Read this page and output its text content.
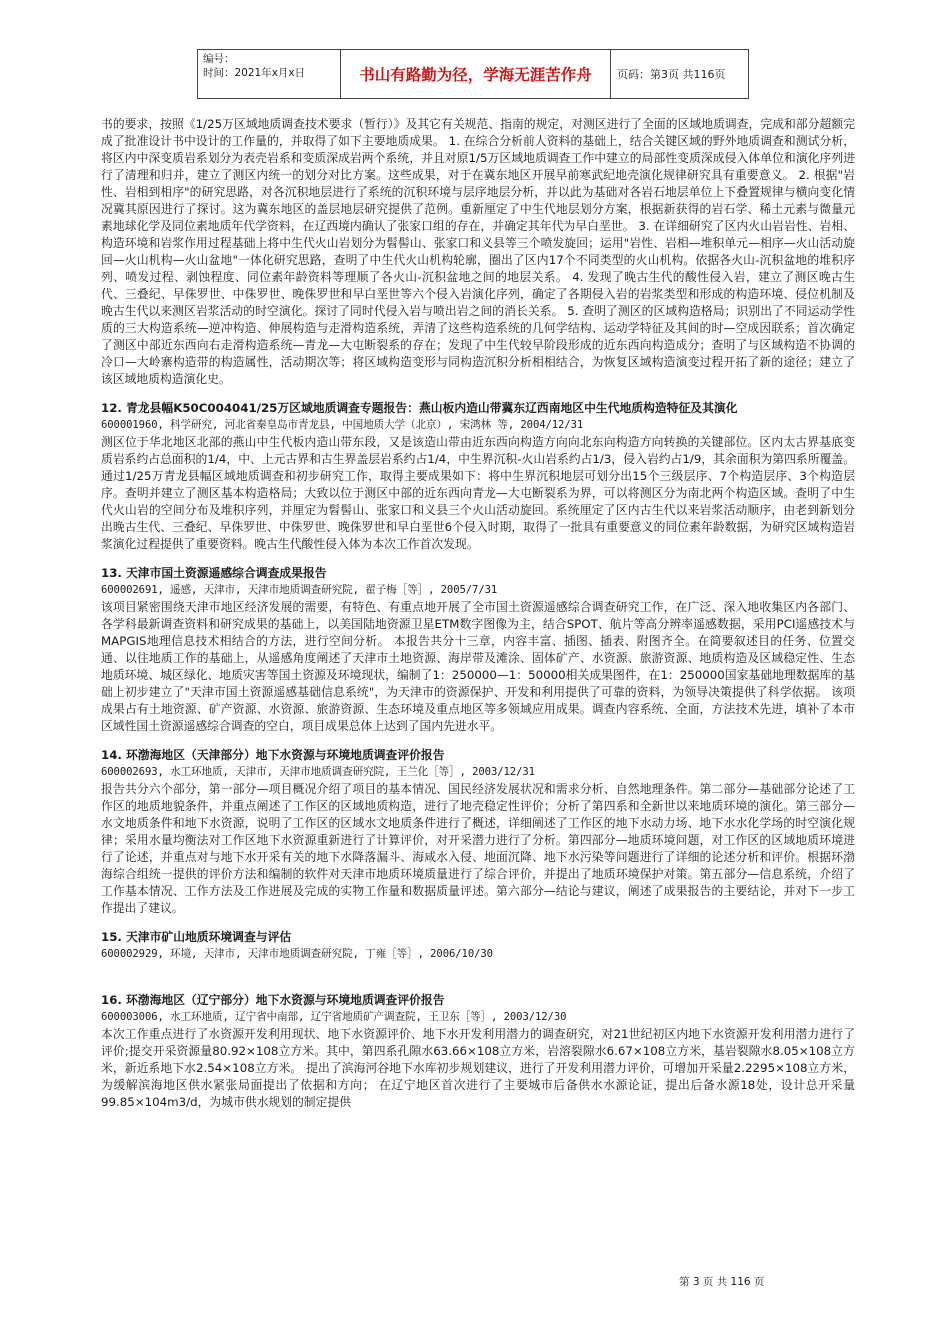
编号：
时间：2021年x月x日	书山有路勤为径，学海无涯苦作舟	页码：第3页 共116页

书的要求，按照《1/25万区域地质调查技术要求（暂行）》及其它有关规范、指南的规定，对测区进行了全面的区域地质调查，完成和部分超额完成了批准设计书中设计的工作量的，并取得了如下主要地质成果。 1. 在综合分析前人资料的基础上，结合关键区域的野外地质调查和测试分析，将区内中深变质岩系划分为表壳岩系和变质深成岩两个系统，并且对原1/5万区域地质调查工作中建立的局部性变质深成侵入体单位和演化序列进行了清理和归并，建立了测区内统一的划分对比方案。这些成果，对于在冀东地区开展早前寒武纪地壳演化规律研究具有重要意义。 2. 根据"岩性、岩相到相序"的研究思路，对各沉积地层进行了系统的沉积环境与层序地层分析，并以此为基础对各岩石地层单位上下叠置规律与横向变化情况冀其原因进行了探讨。这为冀东地区的盖层地层研究提供了范例。重新厘定了中生代地层划分方案，根据新获得的岩石学、稀土元素与微量元素地球化学及同位素地质年代学资料，在辽西境内确认了张家口组的存在，并确定其年代为早白垩世。 3. 在详细研究了区内火山岩岩性、岩相、构造环境和岩浆作用过程基础上将中生代火山岩划分为髫髻山、张家口和义县等三个喷发旋回；运用"岩性、岩相—堆积单元—相序—火山活动旋回—火山机构—火山盆地"一体化研究思路，查明了中生代火山机构轮廓，圈出了区内17个不同类型的火山机构。依据各火山-沉积盆地的堆积序列、喷发过程、剥蚀程度、同位素年龄资料等理顺了各火山-沉积盆地之间的地层关系。 4. 发现了晚古生代的酸性侵入岩，建立了测区晚古生代、三叠纪、早侏罗世、中侏罗世、晚侏罗世和早白垩世等六个侵入岩演化序列，确定了各期侵入岩的岩浆类型和形成的构造环境、侵位机制及晚古生代以来测区岩浆活动的时空演化。探讨了同时代侵入岩与喷出岩之间的消长关系。 5. 查明了测区的区域构造格局；识别出了不同运动学性质的三大构造系统—逆冲构造、伸展构造与走滑构造系统，弄清了这些构造系统的几何学结构、运动学特征及其间的时—空成因联系；首次确定了测区中部近东西向右走滑构造系统—青龙—大屯断裂系的存在；发现了中生代较早阶段形成的近东西向构造成分；查明了与区域构造不协调的冷口—大岭寨构造带的构造属性，活动期次等；将区域构造变形与同构造沉积分析相相结合，为恢复区域构造演变过程开拓了新的途径；建立了该区域地质构造演化史。

12. 青龙县幅K50C004041/25万区域地质调查专题报告：燕山板内造山带冀东辽西南地区中生代地质构造特征及其演化

600001960, 科学研究, 河北省秦皇岛市青龙县, 中国地质大学（北京）, 宋鸿林 等, 2004/12/31

测区位于华北地区北部的燕山中生代板内造山带东段，又是该造山带由近东西向构造方向向北东向构造方向转换的关键部位。区内太古界基底变质岩系约占总面积的1/4，中、上元古界和古生界盖层岩系约占1/4，中生界沉积-火山岩系约占1/3，侵入岩约占1/9，其余面积为第四系所覆盖。通过1/25万青龙县幅区域地质调查和初步研究工作，取得主要成果如下：将中生界沉积地层可划分出15个三级层序、7个构造层序、3个构造层序。查明并建立了测区基本构造格局；大致以位于测区中部的近东西向青龙—大屯断裂系为界，可以将测区分为南北两个构造区域。查明了中生代火山岩的空间分布及堆积序列，并厘定为髫髻山、张家口和义县三个火山活动旋回。系统厘定了区内古生代以来岩浆活动顺序，由老到新划分出晚古生代、三叠纪、早侏罗世、中侏罗世、晚侏罗世和早白垩世6个侵入时期，取得了一批具有重要意义的同位素年龄数据，为研究区域构造岩浆演化过程提供了重要资料。晚古生代酸性侵入体为本次工作首次发现。

13. 天津市国土资源遥感综合调查成果报告

600002691, 遥感, 天津市, 天津市地质调查研究院, 翟子梅［等］, 2005/7/31

该项目紧密围绕天津市地区经济发展的需要，有特色、有重点地开展了全市国土资源遥感综合调查研究工作，在广泛、深入地收集区内各部门、各学科最新调查资料和研究成果的基础上，以美国陆地资源卫星ETM数字图像为主，结合SPOT、航片等高分辨率遥感数据，采用PCI遥感技术与MAPGIS地理信息技术相结合的方法，进行空间分析。 本报告共分十三章，内容丰富、插图、插表、附图齐全。在简要叙述目的任务、位置交通、以往地质工作的基础上，从遥感角度阐述了天津市土地资源、海岸带及滩涂、固体矿产、水资源、旅游资源、地质构造及区域稳定性、生态地质环境、城区绿化、地质灾害等国土资源及环境现状，编制了1：250000—1：50000相关成果图件，在1：250000国家基础地理数据库的基础上初步建立了"天津市国土资源遥感基础信息系统"，为天津市的资源保护、开发和利用提供了可靠的资料，为领导决策提供了科学依据。 该项成果占有土地资源、矿产资源、水资源、旅游资源、生态环境及重点地区等多领域应用成果。调查内容系统、全面，方法技术先进，填补了本市区域性国土资源遥感综合调查的空白，项目成果总体上达到了国内先进水平。

14. 环渤海地区（天津部分）地下水资源与环境地质调查评价报告

600002693, 水工环地质, 天津市, 天津市地质调查研究院, 王兰化［等］, 2003/12/31

报告共分六个部分，第一部分—项目概况介绍了项目的基本情况、国民经济发展状况和需求分析、自然地理条件。第二部分—基础部分论述了工作区的地质地貌条件，并重点阐述了工作区的区域地质构造，进行了地壳稳定性评价；分析了第四系和全新世以来地质环境的演化。第三部分—水文地质条件和地下水资源，说明了工作区的区域水文地质条件进行了概述，详细阐述了工作区的地下水动力场、地下水水化学场的时空演化规律；采用水量均衡法对工作区地下水资源重新进行了计算评价，对开采潜力进行了分析。第四部分—地质环境问题，对工作区的区域地质环境进行了论述，并重点对与地下水开采有关的地下水降落漏斗、海咸水入侵、地面沉降、地下水污染等问题进行了详细的论述分析和评价。根据环渤海综合组统一提供的评价方法和编制的软件对天津市地质环境质量进行了综合评价，并提出了地质环境保护对策。第五部分—信息系统，介绍了工作基本情况、工作方法及工作进展及完成的实物工作量和数据质量评述。第六部分—结论与建议，阐述了成果报告的主要结论，并对下一步工作提出了建议。

15. 天津市矿山地质环境调查与评估

600002929, 环境, 天津市, 天津市地质调查研究院, 丁雍［等］, 2006/10/30

16. 环渤海地区（辽宁部分）地下水资源与环境地质调查评价报告

600003006, 水工环地质, 辽宁省中南部, 辽宁省地质矿产调查院, 王卫东［等］, 2003/12/30

本次工作重点进行了水资源开发利用现状、地下水资源评价、地下水开发利用潜力的调查研究，对21世纪初区内地下水资源开发利用潜力进行了评价;提交开采资源量80.92×108立方米。其中，第四系孔隙水63.66×108立方米，岩溶裂隙水6.67×108立方米，基岩裂隙水8.05×108立方米，新近系地下水2.54×108立方米。 提出了滨海河谷地下水库初步规划建议，进行了开发利用潜力评价，可增加开采量2.2295×108立方米，为缓解滨海地区供水紧张局面提出了依据和方向； 在辽宁地区首次进行了主要城市后备供水水源论证，提出后备水源18处，设计总开采量99.85×104m3/d，为城市供水规划的制定提供

第 3 页 共 116 页
